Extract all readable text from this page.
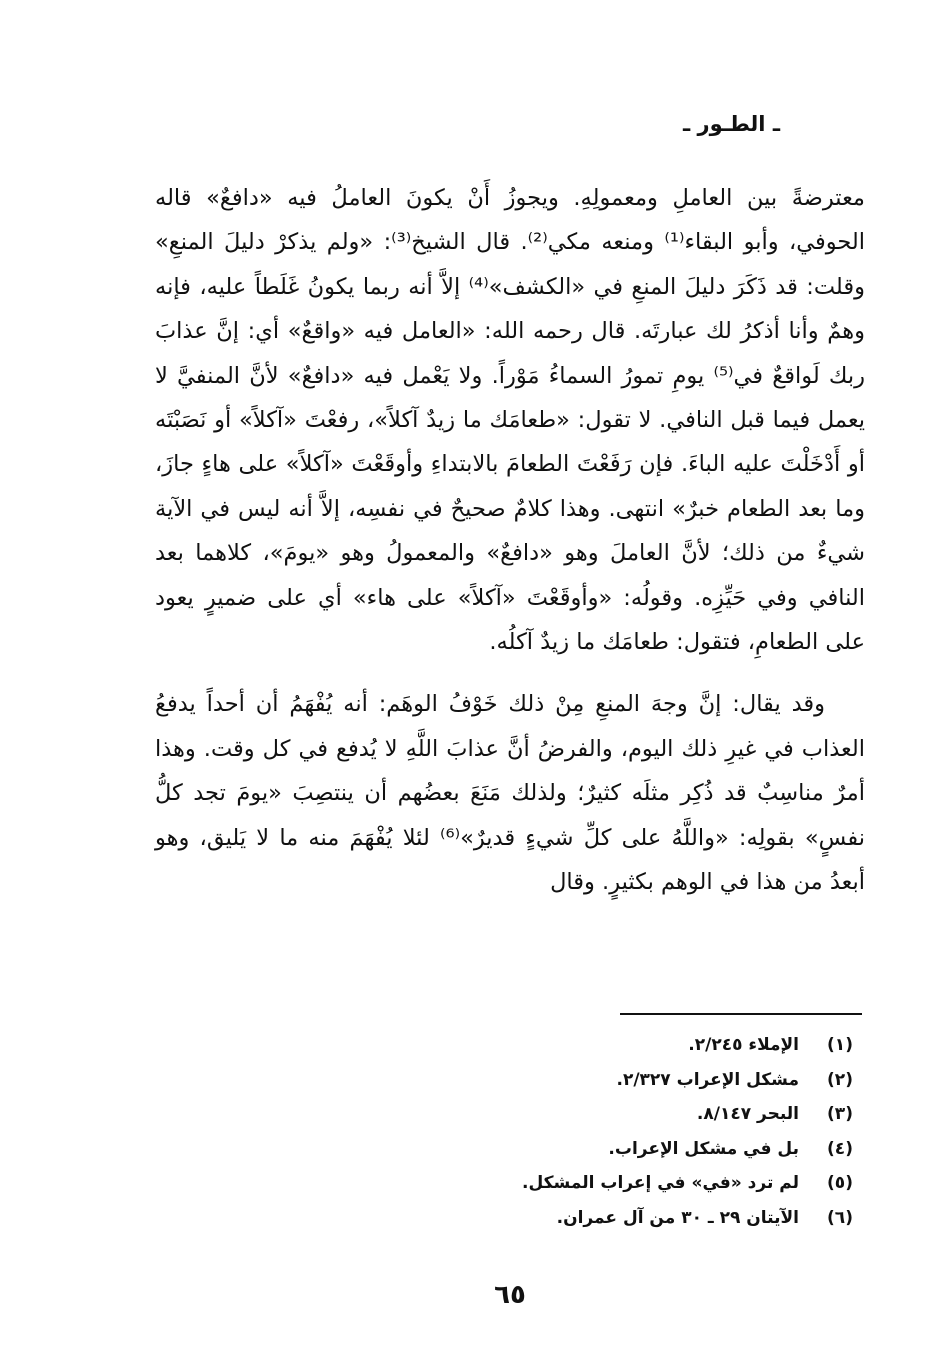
ـ الطـور ـ

معترضةً بين العاملِ ومعمولِهِ. ويجوزُ أَنْ يكونَ العاملُ فيه «دافعٌ» قاله الحوفي، وأبو البقاء⁽¹⁾ ومنعه مكي⁽²⁾. قال الشيخ⁽³⁾: «ولم يذكرْ دليلَ المنعِ» وقلت: قد ذَكَرَ دليلَ المنعِ في «الكشف»⁽⁴⁾ إلاَّ أنه ربما يكونُ غَلَطاً عليه، فإنه وهمٌ وأنا أذكرُ لك عبارتَه. قال رحمه الله: «العامل فيه «واقعٌ» أي: إنَّ عذابَ ربك لَواقعٌ في⁽⁵⁾ يومِ تمورُ السماءُ مَوْراً. ولا يَعْمل فيه «دافعٌ» لأنَّ المنفيَّ لا يعمل فيما قبل النافي. لا تقول: «طعامَك ما زيدٌ آكلاً»، رفعْتَ «آكلاً» أو نَصَبْتَه أو أَدْخَلْتَ عليه الباءَ. فإن رَفَعْتَ الطعامَ بالابتداءِ وأوقَعْتَ «آكلاً» على هاءٍ جازَ، وما بعد الطعام خبرٌ» انتهى. وهذا كلامٌ صحيحٌ في نفسِه، إلاَّ أنه ليس في الآية شيءٌ من ذلك؛ لأنَّ العاملَ وهو «دافعٌ» والمعمولُ وهو «يومَ»، كلاهما بعد النافي وفي حَيِّزِه. وقولُه: «وأوقَعْتَ «آكلاً» على هاء» أي على ضميرٍ يعود على الطعامِ، فتقول: طعامَك ما زيدٌ آكلُه.

وقد يقال: إنَّ وجهَ المنعِ مِنْ ذلك خَوْفُ الوهَم: أنه يُفْهَمُ أن أحداً يدفعُ العذاب في غيرِ ذلك اليوم، والفرضُ أنَّ عذابَ اللَّهِ لا يُدفع في كل وقت. وهذا أمرٌ مناسِبٌ قد ذُكِر مثلَه كثيرٌ؛ ولذلك مَنَعَ بعضُهم أن ينتصِبَ «يومَ تجد كلُّ نفسٍ» بقولِه: «واللَّهُ على كلِّ شيءٍ قديرٌ»⁽⁶⁾ لئلا يُفْهَمَ منه ما لا يَليق، وهو أبعدُ من هذا في الوهم بكثيرٍ. وقال

(١)الإملاء ٢/٢٤٥.
(٢)مشكل الإعراب ٢/٣٢٧.
(٣)البحر ٨/١٤٧.
(٤)بل في مشكل الإعراب.
(٥)لم ترد «في» في إعراب المشكل.
(٦)الآيتان ٢٩ ـ ٣٠ من آل عمران.
٦٥
